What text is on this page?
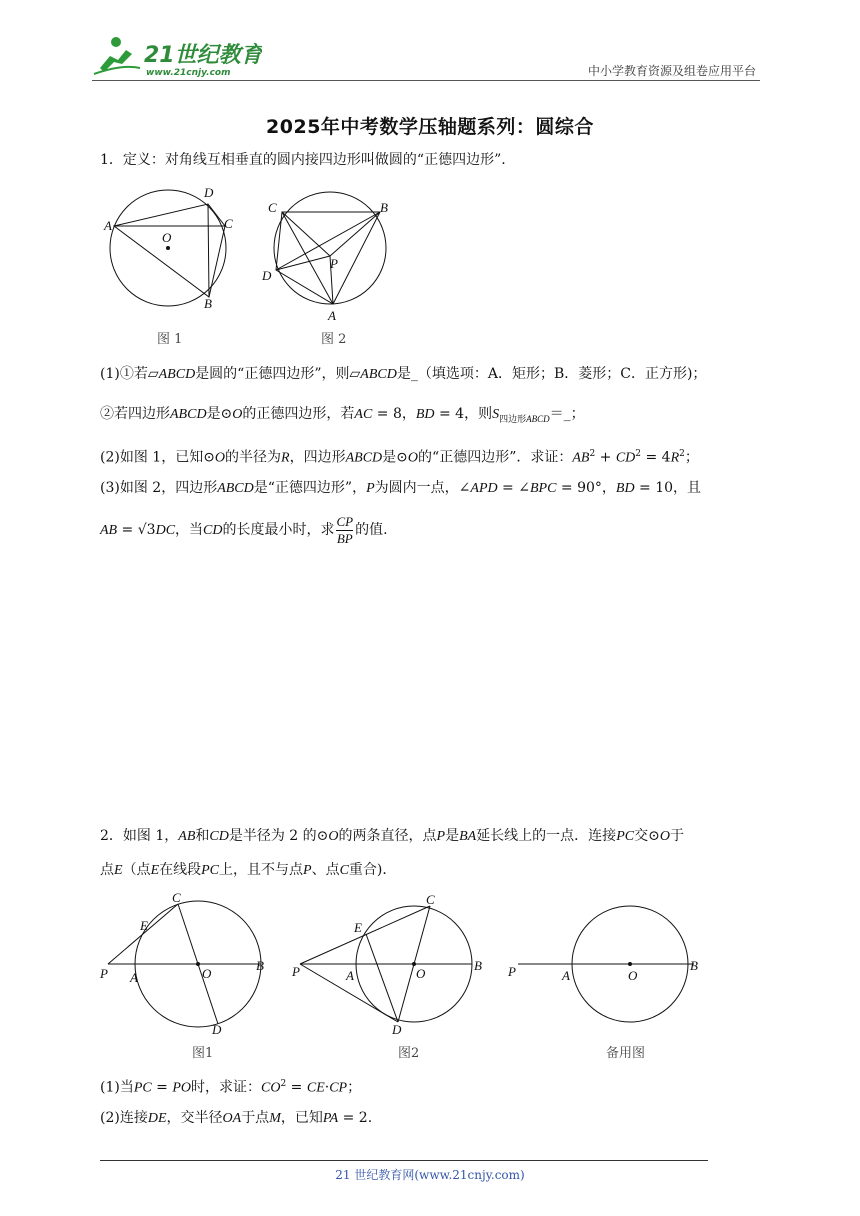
21世纪教育
www.21cnjy.com	中小学教育资源及组卷应用平台
2025年中考数学压轴题系列：圆综合
1．定义：对角线互相垂直的圆内接四边形叫做圆的“正德四边形”.
A
D
C
B
O
图 1
C	B
D
A
P
图 2
(1)①若▱ABCD是圆的“正德四边形”，则▱ABCD是_（填选项：A．矩形；B．菱形；C．正方形)；
②若四边形ABCD是⊙O的正德四边形，若AC = 8，BD = 4，则$S_{四边形ABCD}=\_$；
(2)如图 1，已知⊙O的半径为R，四边形ABCD是⊙O的“正德四边形”．求证：$AB^2 + CD^2 = 4R^2$；
(3)如图 2，四边形ABCD是“正德四边形”，P为圆内一点，∠APD = ∠BPC = 90°，BD = 10，且
AB = √3DC，当CD的长度最小时，求 $\frac{CP}{BP}$ 的值.
2．如图 1，AB和CD是半径为 2 的⊙O的两条直径，点P是BA延长线上的一点．连接PC交⊙O于
点E（点E在线段PC上，且不与点P、点C重合)．
P A	O
B
C
E
D
图1
P	A	O
B
C
E
D
图2
P	A	O
B
备用图
(1)当PC = PO时，求证：$CO^2 = CE\cdot CP$；
(2)连接DE，交半径OA于点M，已知PA = 2.
21 世纪教育网(www.21cnjy.com)
